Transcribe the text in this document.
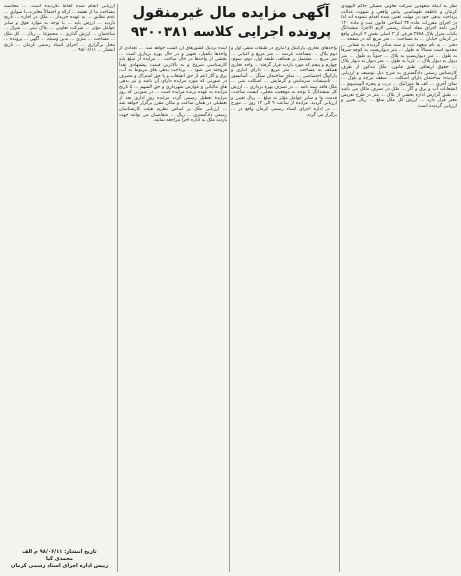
آگهی مزایده مال غیرمنقول
پرونده اجرایی کلاسه ۹۳۰۰۳۸۱

نظر به اینکه متعهدین شرکت تعاونی مسکن حاکم الیهودی کرمان و عاطفه طهماسبی بیاض واقعی و شهوت عدالت پرداخت بدهی خود در مهلت تعیین شده اقدام ننموده اند لذا در اجرای مقررات ماده ۳۴ اصلاحی قانون ثبت و ماده ۱۲۰ آیین نامه اجرای مفاد اسناد رسمی لازم الاجرا، ششدانگ یکباب منزل پلاک ۲۷۸۸ فرعی از ۳ اصلی بخش ۲ کرمان واقع در کرمان خیابان ... به مساحت ... متر مربع که در صفحه ... دفتر ... به نام متعهد ثبت و سند صادر گردیده به نشانی ... محدود است شمالاً به طول ... متر دیواریست به کوچه شرقاً به طول ... متر دیواریست به پلاک ... جنوباً به طول ... متر دیوار به دیوار پلاک ... غرباً به طول ... متر دیوار به دیوار پلاک ... حقوق ارتفاقی طبق قانون. ملک مذکور از طرف کارشناس رسمی دادگستری به شرح ذیل توصیف و ارزیابی گردیده: ساختمان دارای اسکلت ... سقف تیرچه و بلوک ... نمای آجری ... کف ها موزائیک ... درب و پنجره آلومینیوم ... انشعابات آب و برق و گاز ... ملک در تصرف مالک می باشد ... طبق گزارش اداره بخشی از پلاک ... متر در طرح تعریض معبر قرار دارد ... ارزش کل ملک مبلغ ... ریال تعیین و ارزیابی گردیده است.

واحدهای تجاری، پارکینگ و انباری در طبقات منفی اول و دوم پلاک ... مساحت عرصه ... متر مربع و اعیانی ... متر مربع ... مشتمل بر همکف، طبقه اول، دوم، سوم، چهارم و پنجم که مورد بازدید قرار گرفته ... واحد تجاری همکف به مساحت ... متر مربع ... دارای انباری و پارکینگ اختصاصی ... نمای ساختمان سنگ ... آسانسور ... تأسیسات سرمایش و گرمایش ... اسکلت بتنی ... ملک فاقد بیمه نامه ... در تصرف بهره برداری ... ارزش کل ششدانگ با توجه به موقعیت محلی، کیفیت ساخت، قدمت بنا و سایر عوامل مؤثر به مبلغ ... ریال تعیین و ارزیابی گردید. مزایده از ساعت ۹ الی ۱۲ روز ... مورخ ... در اداره اجرای اسناد رسمی کرمان واقع در ... برگزار می گردد.

آینده نزدیک کشورهای آن کسب خواهد شد. ... تعدادی از واحدها تکمیل، تجهیز و در حال بهره برداری است ... بخشی از واحدها در حال ساخت ... مزایده از مبلغ پایه کارشناسی شروع و به بالاترین قیمت پیشنهادی نقداً فروخته می شود ... پرداخت بدهی های مربوط به آب، برق و گاز اعم از حق انشعاب و یا حق اشتراک و مصرف در صورتی که مورد مزایده دارای آن باشد و نیز بدهی های مالیاتی و عوارض شهرداری و حق السهم ... تا تاریخ مزایده به عهده برنده مزایده است ... در صورتی که روز مزایده تعطیل رسمی گردد مزایده روز اداری بعد از تعطیلی در همان ساعت و مکان مقرر برگزار خواهد شد ... ارزیابی ملک بر اساس نظریه هیئت کارشناسان رسمی دادگستری ... ریال ... متقاضیان می توانند جهت بازدید ملک به اداره اجرا مراجعه نمایند.

ارزیابی انجام شده لحاظ نگردیده است. ... محاسبه مساحت بنا از نقشه ... ارائه و احتمالاً مغایرت با سوابق ... عدم تطابق ... به عهده خریدار ... ملک در اجاره ... تاریخ بازدید ... ارزش پایه ... با توجه به موارد فوق و سایر عوامل مؤثر ... شرکت تعاونی ... پلاک ثبتی ... متراژ ... ساختمان ... ارزش گذاری ... مجموعا ... ریال ... کل ملک ... مساحت ... متری ... بدین وسیله ... آگهی ... پرونده ... محل برگزاری ... اجرای اسناد رسمی کرمان ... تاریخ انتشار ... ۹۸/۰۶/۱۱ ...

تاریخ انتشار: ۹۸/۰۶/۱۱ م الف
محمدی کیا
رییس اداره اجرای اسناد رسمی کرمان
